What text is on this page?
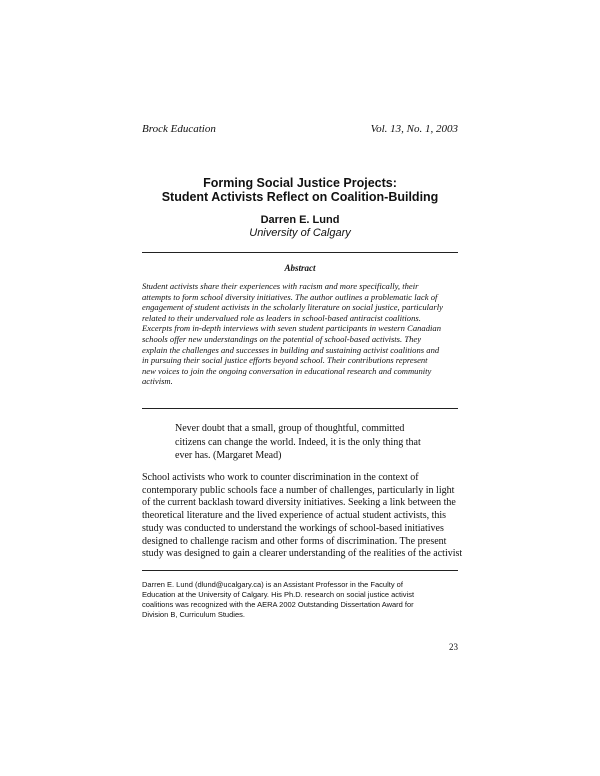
Brock Education	Vol. 13, No. 1, 2003
Forming Social Justice Projects:
Student Activists Reflect on Coalition-Building
Darren E. Lund
University of Calgary
Abstract
Student activists share their experiences with racism and more specifically, their
attempts to form school diversity initiatives. The author outlines a problematic lack of
engagement of student activists in the scholarly literature on social justice, particularly
related to their undervalued role as leaders in school-based antiracist coalitions.
Excerpts from in-depth interviews with seven student participants in western Canadian
schools offer new understandings on the potential of school-based activists. They
explain the challenges and successes in building and sustaining activist coalitions and
in pursuing their social justice efforts beyond school. Their contributions represent
new voices to join the ongoing conversation in educational research and community
activism.
Never doubt that a small, group of thoughtful, committed
citizens can change the world. Indeed, it is the only thing that
ever has. (Margaret Mead)
School activists who work to counter discrimination in the context of
contemporary public schools face a number of challenges, particularly in light
of the current backlash toward diversity initiatives. Seeking a link between the
theoretical literature and the lived experience of actual student activists, this
study was conducted to understand the workings of school-based initiatives
designed to challenge racism and other forms of discrimination. The present
study was designed to gain a clearer understanding of the realities of the activist
Darren E. Lund (dlund@ucalgary.ca) is an Assistant Professor in the Faculty of
Education at the University of Calgary. His Ph.D. research on social justice activist
coalitions was recognized with the AERA 2002 Outstanding Dissertation Award for
Division B, Curriculum Studies.
23
